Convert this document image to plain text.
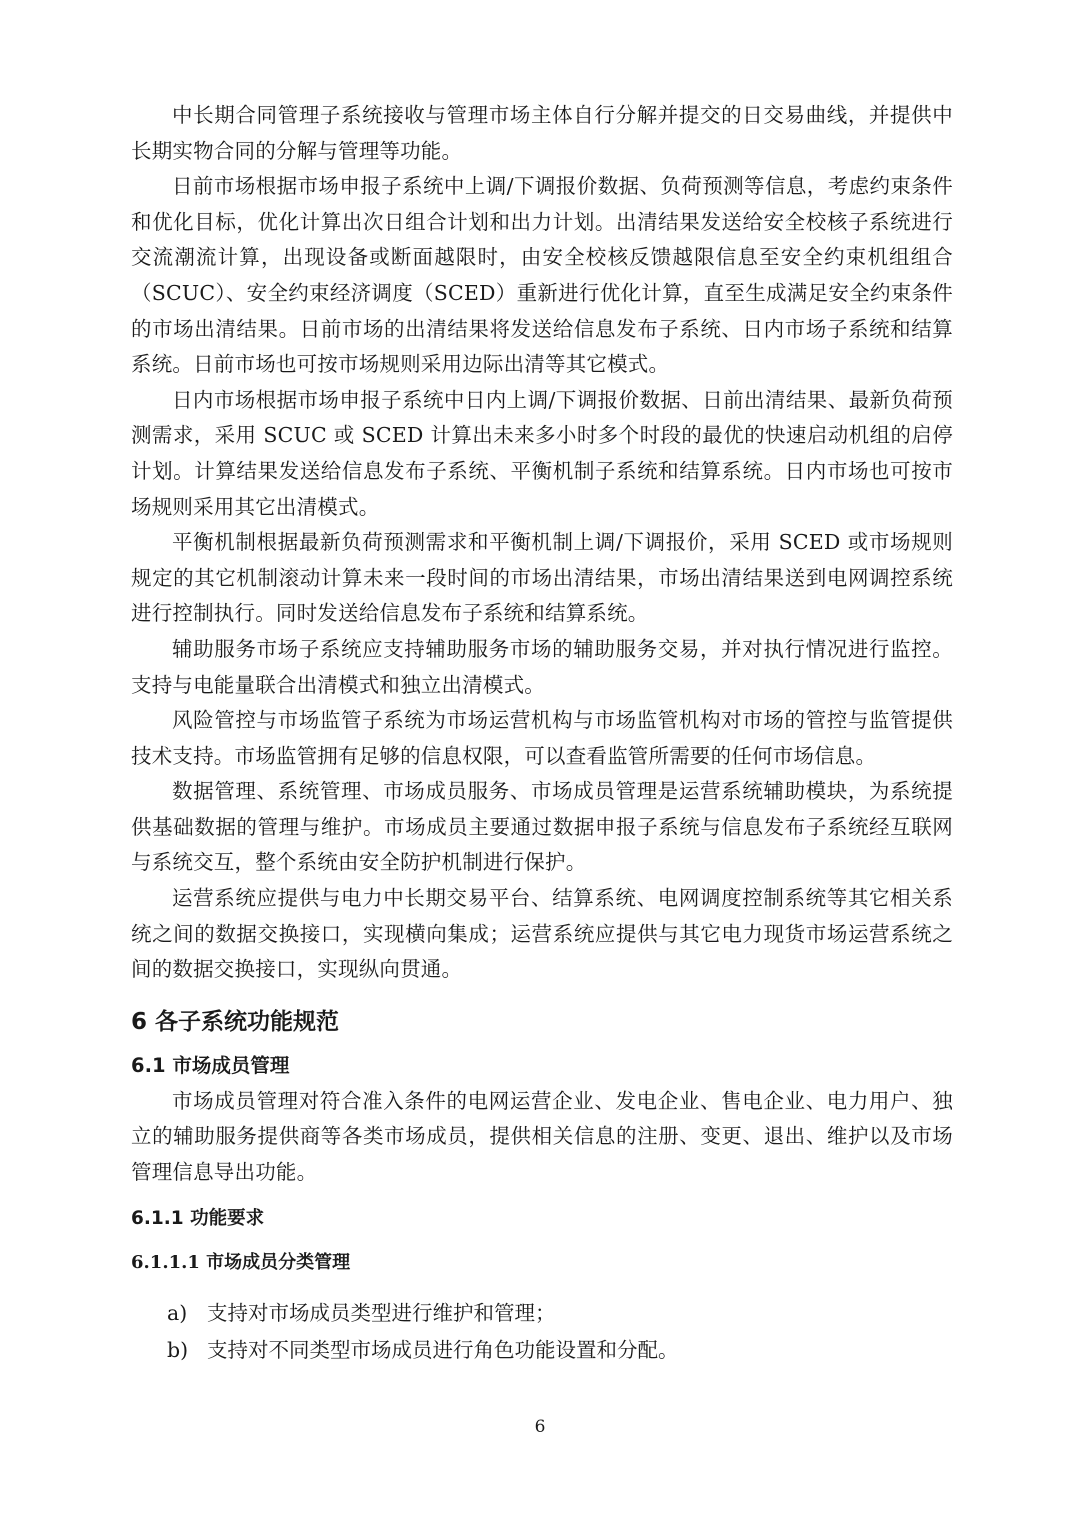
中长期合同管理子系统接收与管理市场主体自行分解并提交的日交易曲线，并提供中长期实物合同的分解与管理等功能。

日前市场根据市场申报子系统中上调/下调报价数据、负荷预测等信息，考虑约束条件和优化目标，优化计算出次日组合计划和出力计划。出清结果发送给安全校核子系统进行交流潮流计算，出现设备或断面越限时，由安全校核反馈越限信息至安全约束机组组合（SCUC）、安全约束经济调度（SCED）重新进行优化计算，直至生成满足安全约束条件的市场出清结果。日前市场的出清结果将发送给信息发布子系统、日内市场子系统和结算系统。日前市场也可按市场规则采用边际出清等其它模式。

日内市场根据市场申报子系统中日内上调/下调报价数据、日前出清结果、最新负荷预测需求，采用 SCUC 或 SCED 计算出未来多小时多个时段的最优的快速启动机组的启停计划。计算结果发送给信息发布子系统、平衡机制子系统和结算系统。日内市场也可按市场规则采用其它出清模式。

平衡机制根据最新负荷预测需求和平衡机制上调/下调报价，采用 SCED 或市场规则规定的其它机制滚动计算未来一段时间的市场出清结果，市场出清结果送到电网调控系统进行控制执行。同时发送给信息发布子系统和结算系统。

辅助服务市场子系统应支持辅助服务市场的辅助服务交易，并对执行情况进行监控。支持与电能量联合出清模式和独立出清模式。

风险管控与市场监管子系统为市场运营机构与市场监管机构对市场的管控与监管提供技术支持。市场监管拥有足够的信息权限，可以查看监管所需要的任何市场信息。

数据管理、系统管理、市场成员服务、市场成员管理是运营系统辅助模块，为系统提供基础数据的管理与维护。市场成员主要通过数据申报子系统与信息发布子系统经互联网与系统交互，整个系统由安全防护机制进行保护。

运营系统应提供与电力中长期交易平台、结算系统、电网调度控制系统等其它相关系统之间的数据交换接口，实现横向集成；运营系统应提供与其它电力现货市场运营系统之间的数据交换接口，实现纵向贯通。

6 各子系统功能规范
6.1 市场成员管理

市场成员管理对符合准入条件的电网运营企业、发电企业、售电企业、电力用户、独立的辅助服务提供商等各类市场成员，提供相关信息的注册、变更、退出、维护以及市场管理信息导出功能。

6.1.1 功能要求
6.1.1.1 市场成员分类管理
a) 支持对市场成员类型进行维护和管理；
b) 支持对不同类型市场成员进行角色功能设置和分配。
6
